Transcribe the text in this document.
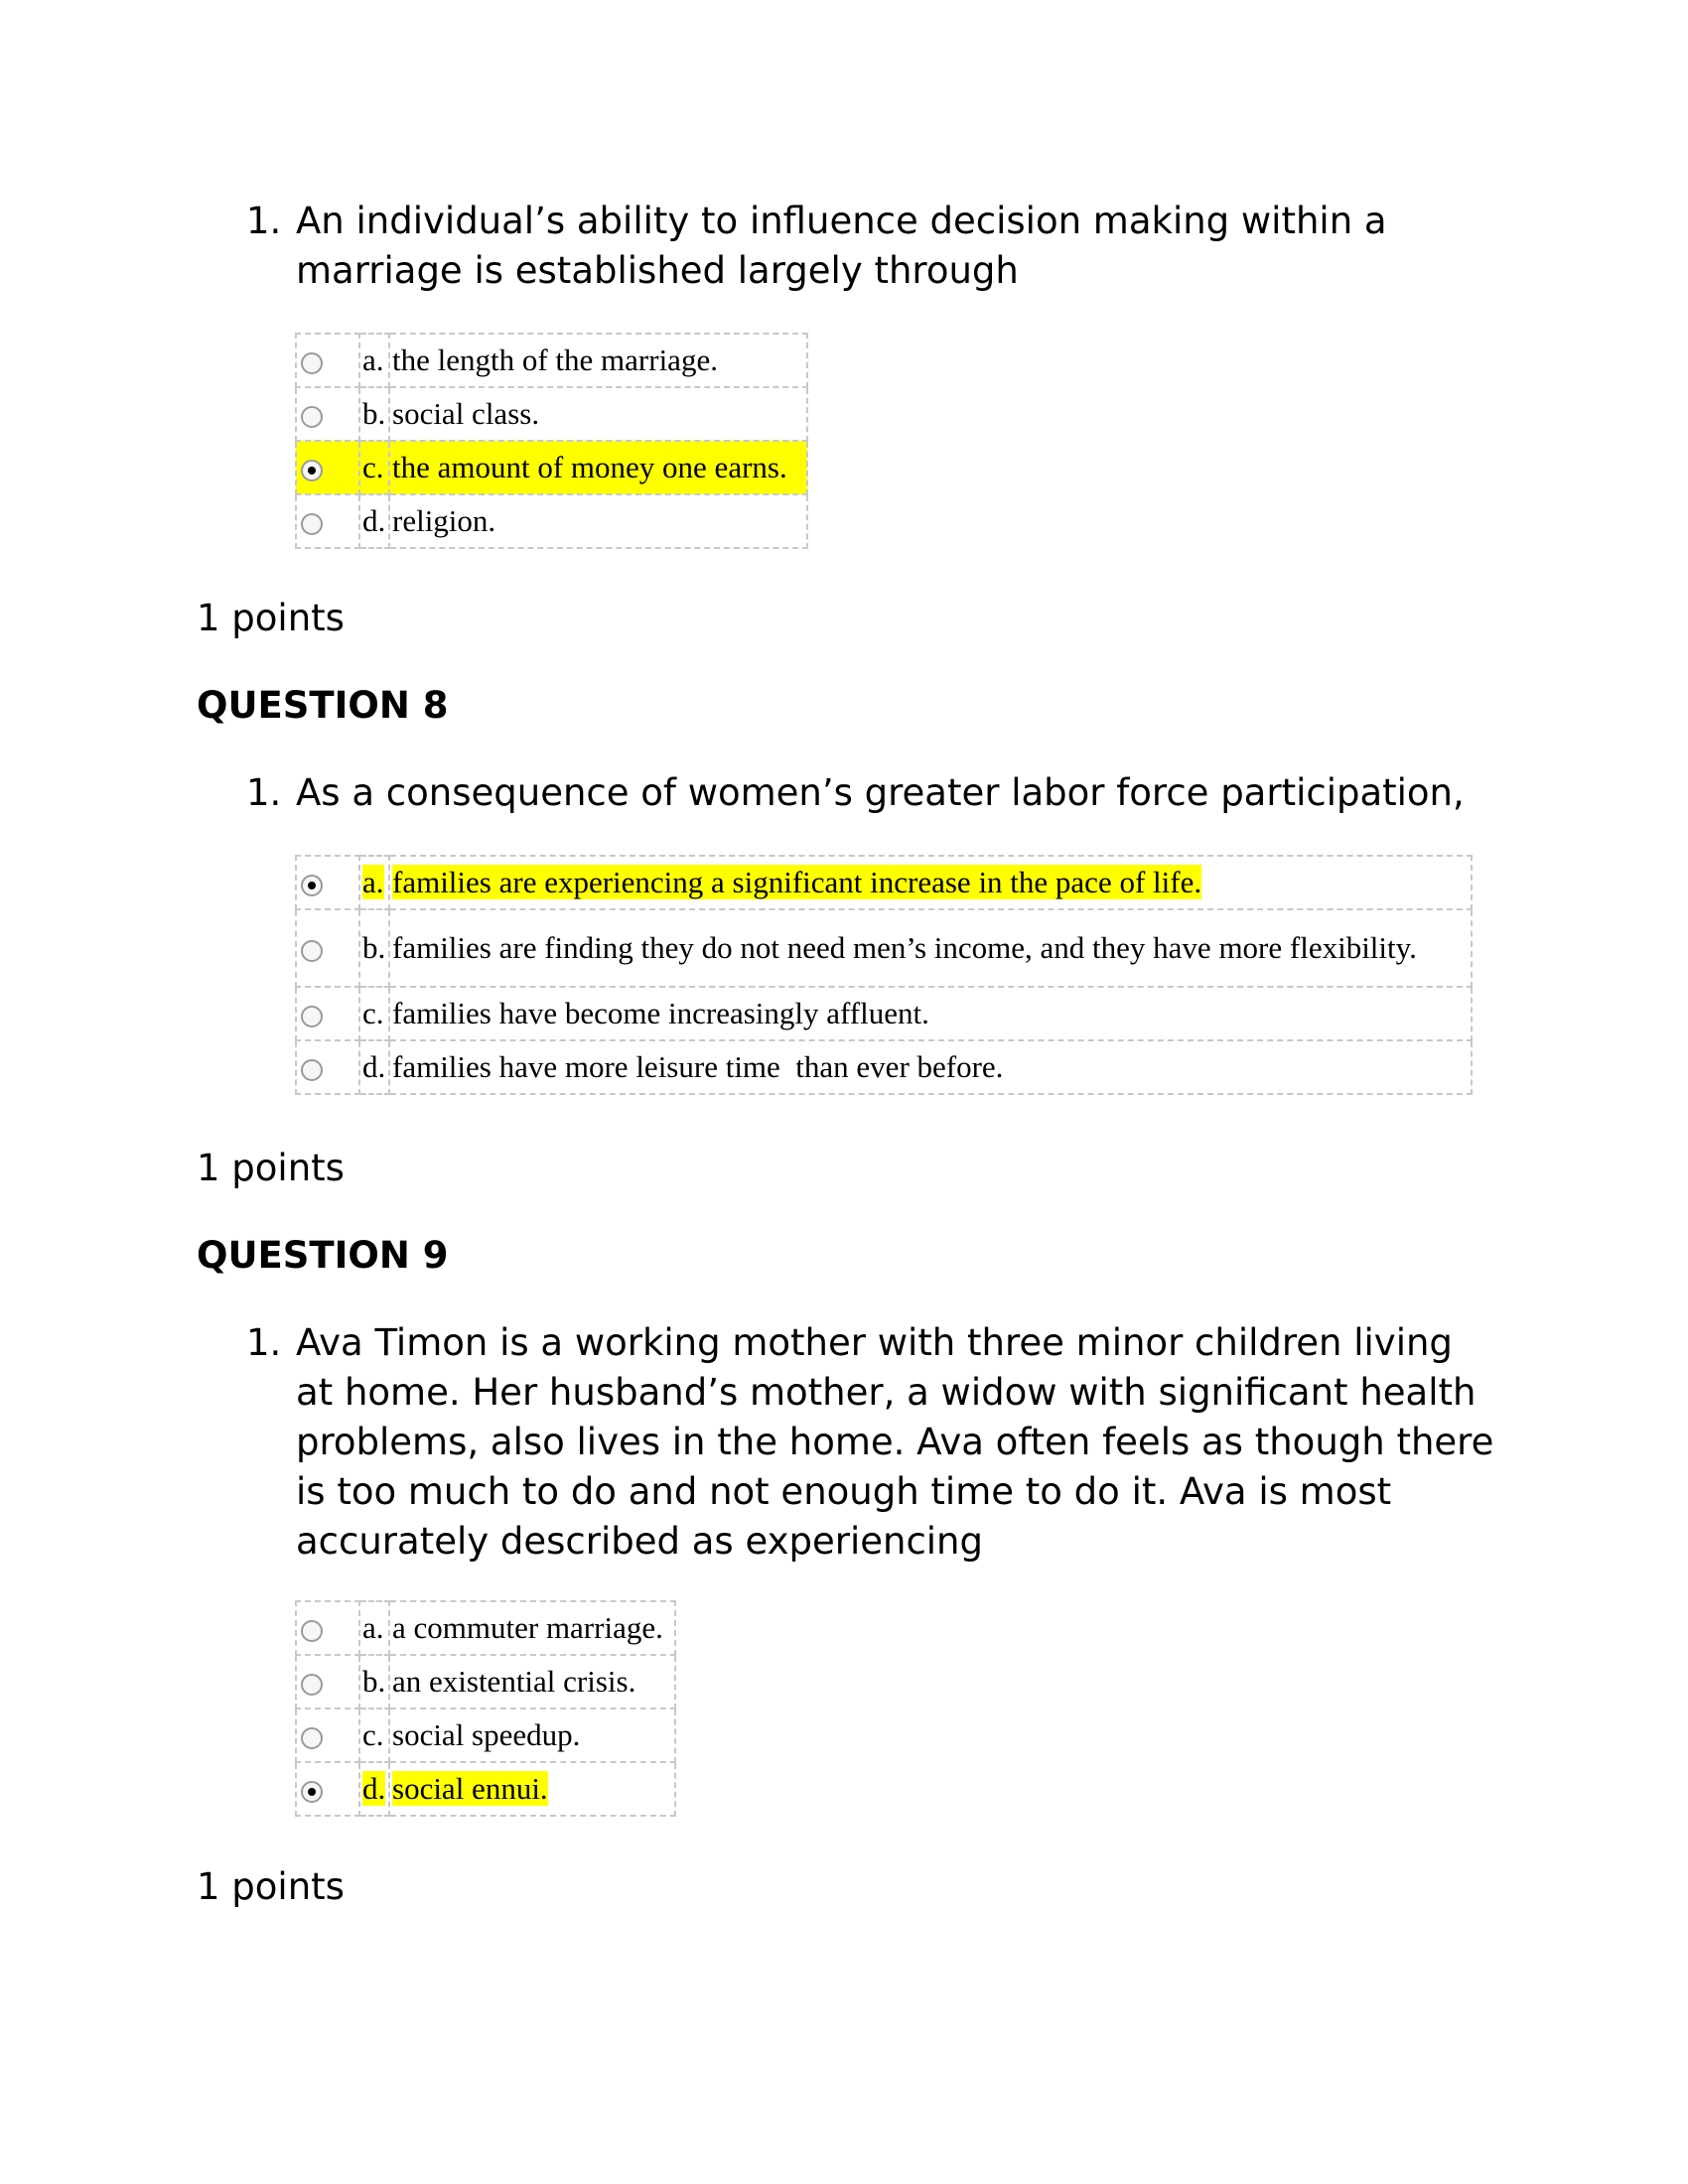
1. An individual’s ability to influence decision making within a marriage is established largely through
	a.	the length of the marriage.
	b.	social class.
	c.	the amount of money one earns.
	d.	religion.
1 points
QUESTION 8
1. As a consequence of women’s greater labor force participation,
	a.	families are experiencing a significant increase in the pace of life.
	b.	families are finding they do not need men’s income, and they have more flexibility.
	c.	families have become increasingly affluent.
	d.	families have more leisure time  than ever before.
1 points
QUESTION 9
1. Ava Timon is a working mother with three minor children living at home. Her husband’s mother, a widow with significant health problems, also lives in the home. Ava often feels as though there is too much to do and not enough time to do it. Ava is most accurately described as experiencing
	a.	a commuter marriage.
	b.	an existential crisis.
	c.	social speedup.
	d.	social ennui.
1 points
